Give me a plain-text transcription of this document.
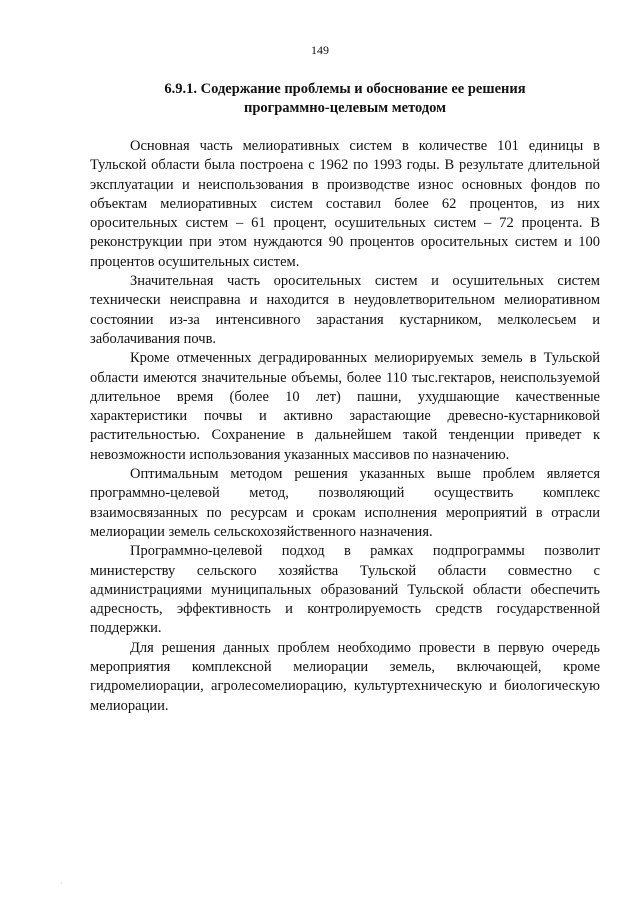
149
6.9.1. Содержание проблемы и обоснование ее решения
программно-целевым методом

Основная часть мелиоративных систем в количестве 101 единицы в Тульской области была построена с 1962 по 1993 годы. В результате длительной эксплуатации и неиспользования в производстве износ основных фондов по объектам мелиоративных систем составил более 62 процентов, из них оросительных систем – 61 процент, осушительных систем – 72 процента. В реконструкции при этом нуждаются 90 процентов оросительных систем и 100 процентов осушительных систем.

Значительная часть оросительных систем и осушительных систем технически неисправна и находится в неудовлетворительном мелиоративном состоянии из-за интенсивного зарастания кустарником, мелколесьем и заболачивания почв.

Кроме отмеченных деградированных мелиорируемых земель в Тульской области имеются значительные объемы, более 110 тыс.гектаров, неиспользуемой длительное время (более 10 лет) пашни, ухудшающие качественные характеристики почвы и активно зарастающие древесно-кустарниковой растительностью. Сохранение в дальнейшем такой тенденции приведет к невозможности использования указанных массивов по назначению.

Оптимальным методом решения указанных выше проблем является программно-целевой метод, позволяющий осуществить комплекс взаимосвязанных по ресурсам и срокам исполнения мероприятий в отрасли мелиорации земель сельскохозяйственного назначения.

Программно-целевой подход в рамках подпрограммы позволит министерству сельского хозяйства Тульской области совместно с администрациями муниципальных образований Тульской области обеспечить адресность, эффективность и контролируемость средств государственной поддержки.

Для решения данных проблем необходимо провести в первую очередь мероприятия комплексной мелиорации земель, включающей, кроме гидромелиорации, агролесомелиорацию, культуртехническую и биологическую мелиорации.

·
